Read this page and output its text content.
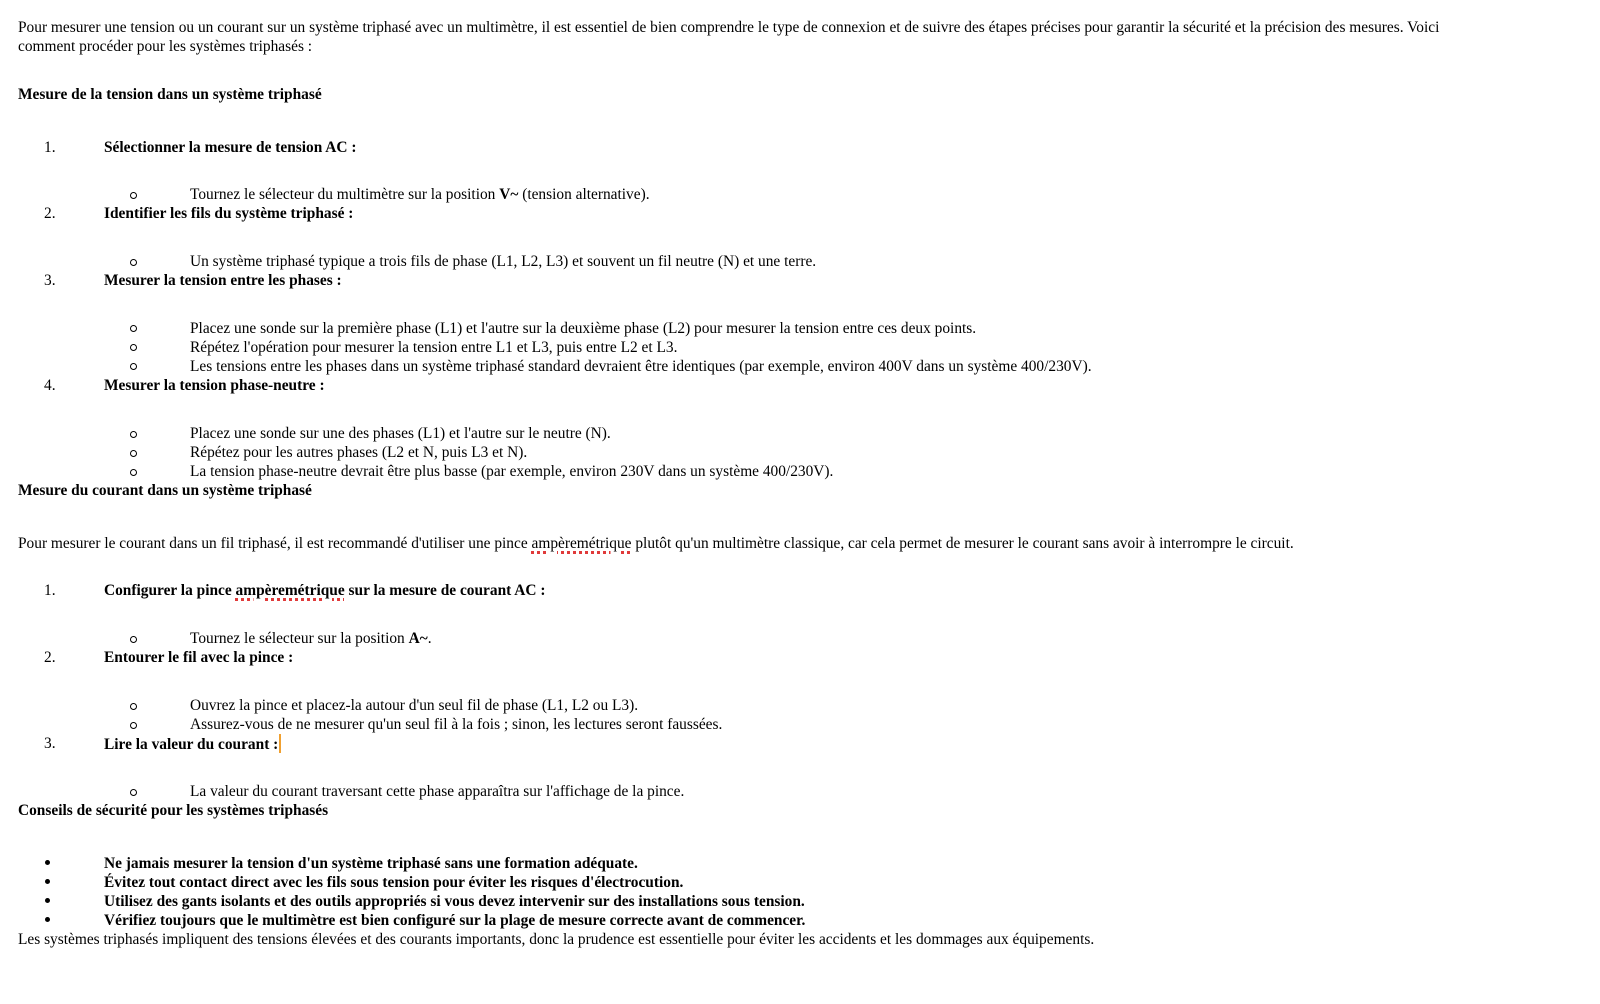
Pour mesurer une tension ou un courant sur un système triphasé avec un multimètre, il est essentiel de bien comprendre le type de connexion et de suivre des étapes précises pour garantir la sécurité et la précision des mesures. Voici
comment procéder pour les systèmes triphasés :
Mesure de la tension dans un système triphasé
1.	Sélectionner la mesure de tension AC :
Tournez le sélecteur du multimètre sur la position V~ (tension alternative).
2.	Identifier les fils du système triphasé :
Un système triphasé typique a trois fils de phase (L1, L2, L3) et souvent un fil neutre (N) et une terre.
3.	Mesurer la tension entre les phases :
Placez une sonde sur la première phase (L1) et l'autre sur la deuxième phase (L2) pour mesurer la tension entre ces deux points.
Répétez l'opération pour mesurer la tension entre L1 et L3, puis entre L2 et L3.
Les tensions entre les phases dans un système triphasé standard devraient être identiques (par exemple, environ 400V dans un système 400/230V).
4.	Mesurer la tension phase-neutre :
Placez une sonde sur une des phases (L1) et l'autre sur le neutre (N).
Répétez pour les autres phases (L2 et N, puis L3 et N).
La tension phase-neutre devrait être plus basse (par exemple, environ 230V dans un système 400/230V).
Mesure du courant dans un système triphasé
Pour mesurer le courant dans un fil triphasé, il est recommandé d'utiliser une pince ampèremétrique plutôt qu'un multimètre classique, car cela permet de mesurer le courant sans avoir à interrompre le circuit.
1.	Configurer la pince ampèremétrique sur la mesure de courant AC :
Tournez le sélecteur sur la position A~.
2.	Entourer le fil avec la pince :
Ouvrez la pince et placez-la autour d'un seul fil de phase (L1, L2 ou L3).
Assurez-vous de ne mesurer qu'un seul fil à la fois ; sinon, les lectures seront faussées.
3.	Lire la valeur du courant :
La valeur du courant traversant cette phase apparaîtra sur l'affichage de la pince.
Conseils de sécurité pour les systèmes triphasés
Ne jamais mesurer la tension d'un système triphasé sans une formation adéquate.
Évitez tout contact direct avec les fils sous tension pour éviter les risques d'électrocution.
Utilisez des gants isolants et des outils appropriés si vous devez intervenir sur des installations sous tension.
Vérifiez toujours que le multimètre est bien configuré sur la plage de mesure correcte avant de commencer.
Les systèmes triphasés impliquent des tensions élevées et des courants importants, donc la prudence est essentielle pour éviter les accidents et les dommages aux équipements.
